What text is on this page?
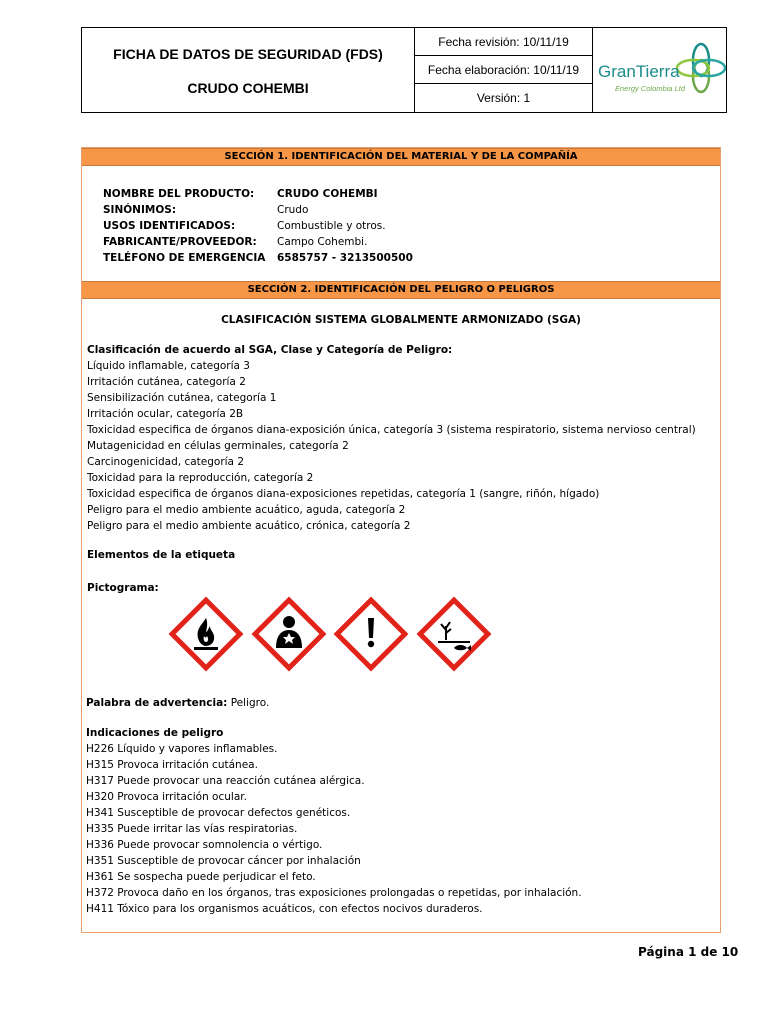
FICHA DE DATOS DE SEGURIDAD (FDS)
CRUDO COHEMBI
Fecha revisión: 10/11/19
Fecha elaboración: 10/11/19
Versión: 1
GranTierra
Energy Colombia Ltd
SECCIÓN 1. IDENTIFICACIÓN DEL MATERIAL Y DE LA COMPAÑÍA
NOMBRE DEL PRODUCTO: CRUDO COHEMBI
SINÓNIMOS:	Crudo
USOS IDENTIFICADOS:	Combustible y otros.
FABRICANTE/PROVEEDOR: Campo Cohembi.
TELÉFONO DE EMERGENCIA 6585757 - 3213500500
SECCIÓN 2. IDENTIFICACIÓN DEL PELIGRO O PELIGROS
CLASIFICACIÓN SISTEMA GLOBALMENTE ARMONIZADO (SGA)
Clasificación de acuerdo al SGA, Clase y Categoría de Peligro:
Líquido inflamable, categoría 3
Irritación cutánea, categoría 2
Sensibilización cutánea, categoría 1
Irritación ocular, categoría 2B
Toxicidad especifica de órganos diana-exposición única, categoría 3 (sistema respiratorio, sistema nervioso central)
Mutagenicidad en células germinales, categoría 2
Carcinogenicidad, categoría 2
Toxicidad para la reproducción, categoría 2
Toxicidad especifica de órganos diana-exposiciones repetidas, categoría 1 (sangre, riñón, hígado)
Peligro para el medio ambiente acuático, aguda, categoría 2
Peligro para el medio ambiente acuático, crónica, categoría 2
Elementos de la etiqueta
Pictograma:
Palabra de advertencia: Peligro.
Indicaciones de peligro
H226 Líquido y vapores inflamables.
H315 Provoca irritación cutánea.
H317 Puede provocar una reacción cutánea alérgica.
H320 Provoca irritación ocular.
H341 Susceptible de provocar defectos genéticos.
H335 Puede irritar las vías respiratorias.
H336 Puede provocar somnolencia o vértigo.
H351 Susceptible de provocar cáncer por inhalación
H361 Se sospecha puede perjudicar el feto.
H372 Provoca daño en los órganos, tras exposiciones prolongadas o repetidas, por inhalación.
H411 Tóxico para los organismos acuáticos, con efectos nocivos duraderos.
Página 1 de 10
